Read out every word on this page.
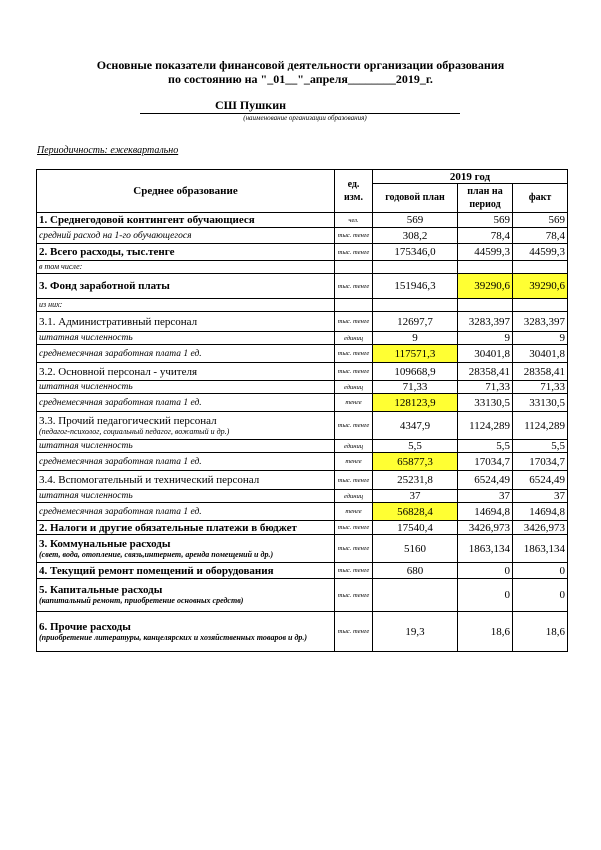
Основные показатели финансовой деятельности организации образования
по состоянию на "_01__"_апреля________2019_г.
СШ Пушкин
(наименование организации образования)
Периодичность: ежеквартально
Среднее образование	ед. изм.	2019 год		
		годовой план	план на период	факт
1. Среднегодовой контингент обучающиеся	чел.	569	569	569
средний расход на 1-го обучающегося	тыс. тенге	308,2	78,4	78,4
2. Всего расходы, тыс.тенге	тыс. тенге	175346,0	44599,3	44599,3
в том числе:				
3. Фонд заработной платы	тыс. тенге	151946,3	39290,6	39290,6
из них:				
3.1. Административный персонал	тыс. тенге	12697,7	3283,397	3283,397
штатная численность	единиц	9	9	9
среднемесячная заработная плата 1 ед.	тыс. тенге	117571,3	30401,8	30401,8
3.2. Основной персонал - учителя	тыс. тенге	109668,9	28358,41	28358,41
штатная численность	единиц	71,33	71,33	71,33
среднемесячная заработная плата 1 ед.	тенге	128123,9	33130,5	33130,5
3.3. Прочий педагогический персонал
(педагог-психолог, социальный педагог, вожатый и др.)	тыс. тенге	4347,9	1124,289	1124,289
штатная численность	единиц	5,5	5,5	5,5
среднемесячная заработная плата 1 ед.	тенге	65877,3	17034,7	17034,7
3.4. Вспомогательный и технический персонал	тыс. тенге	25231,8	6524,49	6524,49
штатная численность	единиц	37	37	37
среднемесячная заработная плата 1 ед.	тенге	56828,4	14694,8	14694,8
2. Налоги и другие обязательные платежи в бюджет	тыс. тенге	17540,4	3426,973	3426,973
3. Коммунальные расходы
(свет, вода, отопление, связь,интернет, аренда помещений и др.)	тыс. тенге	5160	1863,134	1863,134
4. Текущий ремонт помещений и оборудования	тыс. тенге	680	0	0
5. Капитальные расходы
(капитальный ремонт, приобретение основных средств)	тыс. тенге		0	0
6. Прочие расходы
(приобретение литературы, канцелярских и хозяйственных товаров и др.)	тыс. тенге	19,3	18,6	18,6
